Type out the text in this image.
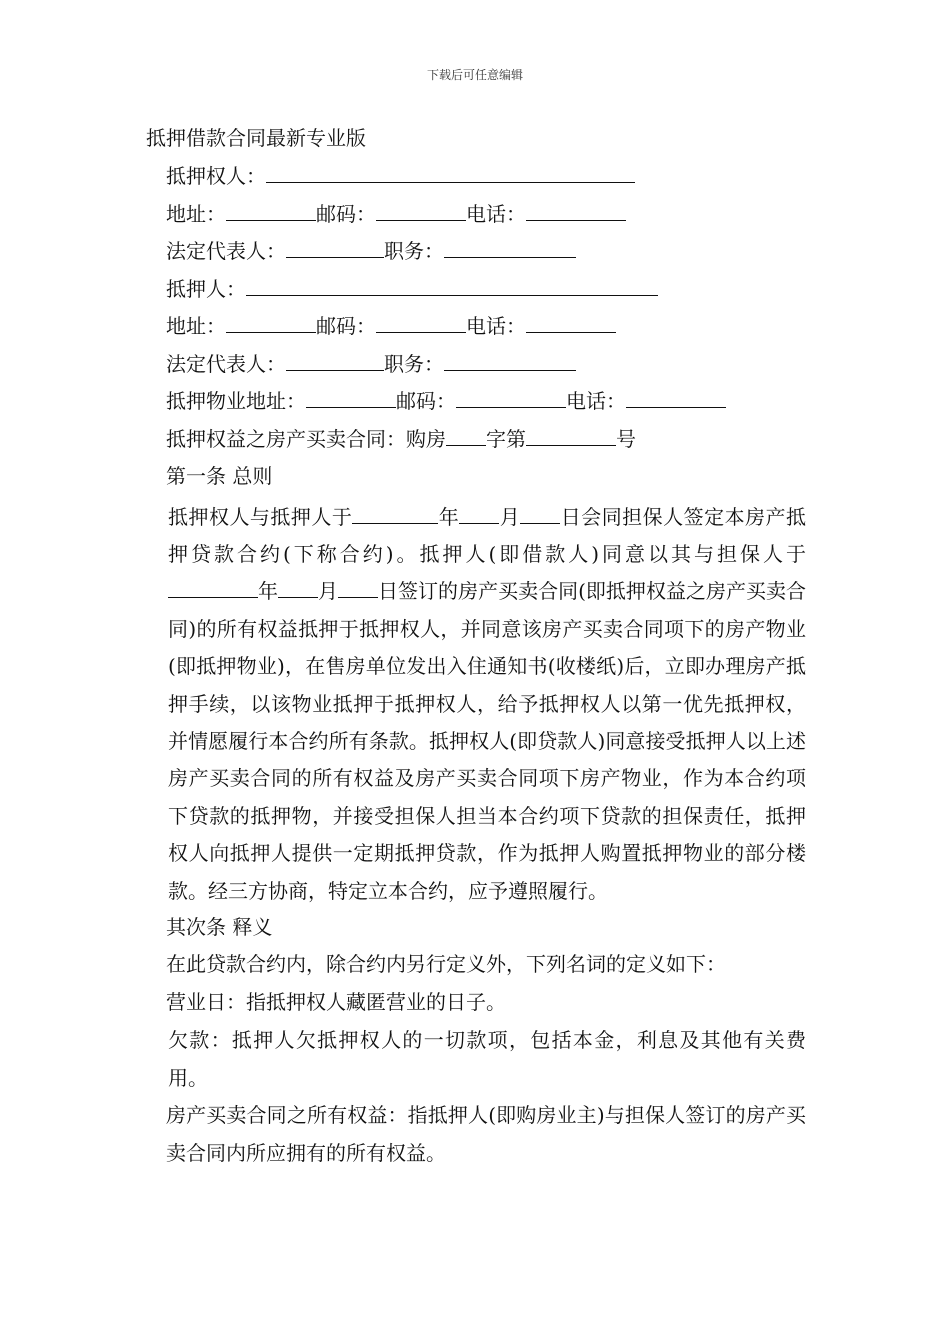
下载后可任意编辑
抵押借款合同最新专业版
抵押权人：
地址：	邮码：	电话：
法定代表人：	职务：
抵押人：
地址：	邮码：	电话：
法定代表人：	职务：
抵押物业地址：	邮码：	电话：
抵押权益之房产买卖合同：购房 字第	号
第一条 总则
抵押权人与抵押人于	年 月 日会同担保人签定本房产抵押贷款合约(下称合约)。抵押人(即借款人)同意以其与担保人于年 月 日签订的房产买卖合同(即抵押权益之房产买卖合同)的所有权益抵押于抵押权人，并同意该房产买卖合同项下的房产物业(即抵押物业)，在售房单位发出入住通知书(收楼纸)后，立即办理房产抵押手续，以该物业抵押于抵押权人，给予抵押权人以第一优先抵押权，并情愿履行本合约所有条款。抵押权人(即贷款人)同意接受抵押人以上述房产买卖合同的所有权益及房产买卖合同项下房产物业，作为本合约项下贷款的抵押物，并接受担保人担当本合约项下贷款的担保责任，抵押权人向抵押人提供一定期抵押贷款，作为抵押人购置抵押物业的部分楼款。经三方协商，特定立本合约，应予遵照履行。
其次条 释义
在此贷款合约内，除合约内另行定义外，下列名词的定义如下：
营业日：指抵押权人藏匿营业的日子。
欠款：抵押人欠抵押权人的一切款项，包括本金，利息及其他有关费用。
房产买卖合同之所有权益：指抵押人(即购房业主)与担保人签订的房产买卖合同内所应拥有的所有权益。
